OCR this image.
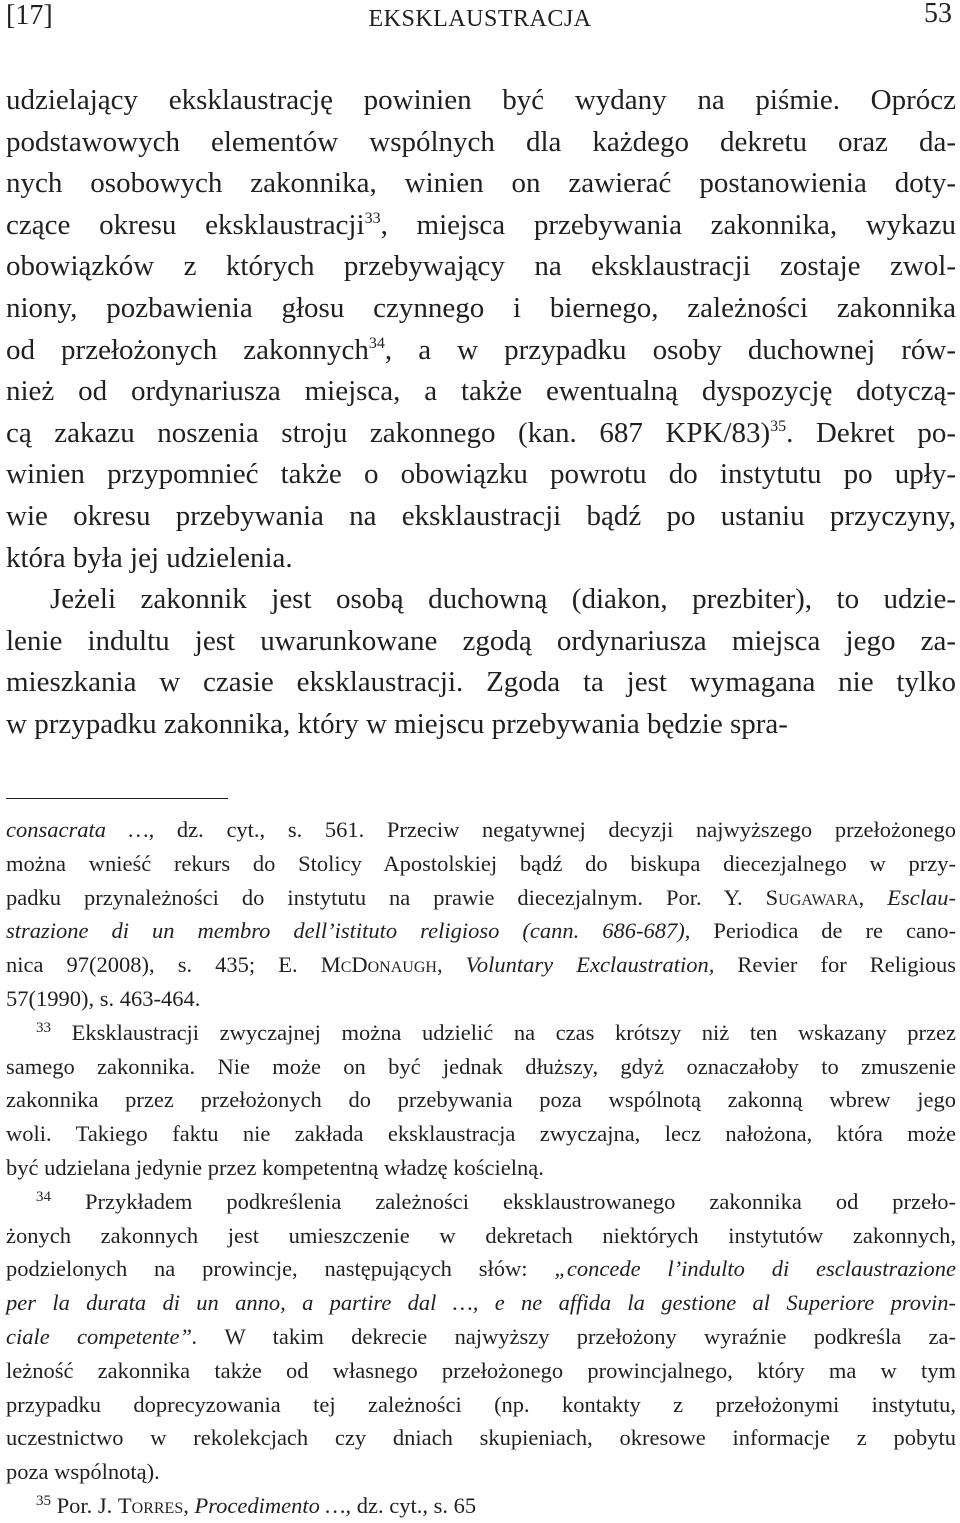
[17]	EKSKLAUSTRACJA	53
udzielający eksklaustrację powinien być wydany na piśmie. Oprócz
podstawowych elementów wspólnych dla każdego dekretu oraz da-
nych osobowych zakonnika, winien on zawierać postanowienia doty-
czące okresu eksklaustracji$^{33}$, miejsca przebywania zakonnika, wykazu
obowiązków z których przebywający na eksklaustracji zostaje zwol-
niony, pozbawienia głosu czynnego i biernego, zależności zakonnika
od przełożonych zakonnych$^{34}$, a w przypadku osoby duchownej rów-
nież od ordynariusza miejsca, a także ewentualną dyspozycję dotyczą-
cą zakazu noszenia stroju zakonnego (kan. 687 KPK/83)$^{35}$. Dekret po-
winien przypomnieć także o obowiązku powrotu do instytutu po upły-
wie okresu przebywania na eksklaustracji bądź po ustaniu przyczyny,
która była jej udzielenia.
Jeżeli zakonnik jest osobą duchowną (diakon, prezbiter), to udzie-
lenie indultu jest uwarunkowane zgodą ordynariusza miejsca jego za-
mieszkania w czasie eksklaustracji. Zgoda ta jest wymagana nie tylko
w przypadku zakonnika, który w miejscu przebywania będzie spra-
consacrata …, dz. cyt., s. 561. Przeciw negatywnej decyzji najwyższego przełożonego
można wnieść rekurs do Stolicy Apostolskiej bądź do biskupa diecezjalnego w przy-
padku przynależności do instytutu na prawie diecezjalnym. Por. Y. Sugawara, Esclau-
strazione di un membro dell’istituto religioso (cann. 686-687), Periodica de re cano-
nica 97(2008), s. 435; E. McDonaugh, Voluntary Exclaustration, Revier for Religious
57(1990), s. 463-464.
$^{33}$ Eksklaustracji zwyczajnej można udzielić na czas krótszy niż ten wskazany przez
samego zakonnika. Nie może on być jednak dłuższy, gdyż oznaczałoby to zmuszenie
zakonnika przez przełożonych do przebywania poza wspólnotą zakonną wbrew jego
woli. Takiego faktu nie zakłada eksklaustracja zwyczajna, lecz nałożona, która może
być udzielana jedynie przez kompetentną władzę kościelną.
$^{34}$ Przykładem podkreślenia zależności eksklaustrowanego zakonnika od przeło-
żonych zakonnych jest umieszczenie w dekretach niektórych instytutów zakonnych,
podzielonych na prowincje, następujących słów: „concede l’indulto di esclaustrazione
per la durata di un anno, a partire dal …, e ne affida la gestione al Superiore provin-
ciale competente”. W takim dekrecie najwyższy przełożony wyraźnie podkreśla za-
leżność zakonnika także od własnego przełożonego prowincjalnego, który ma w tym
przypadku doprecyzowania tej zależności (np. kontakty z przełożonymi instytutu,
uczestnictwo w rekolekcjach czy dniach skupieniach, okresowe informacje z pobytu
poza wspólnotą).
$^{35}$ Por. J. Torres, Procedimento …, dz. cyt., s. 65
